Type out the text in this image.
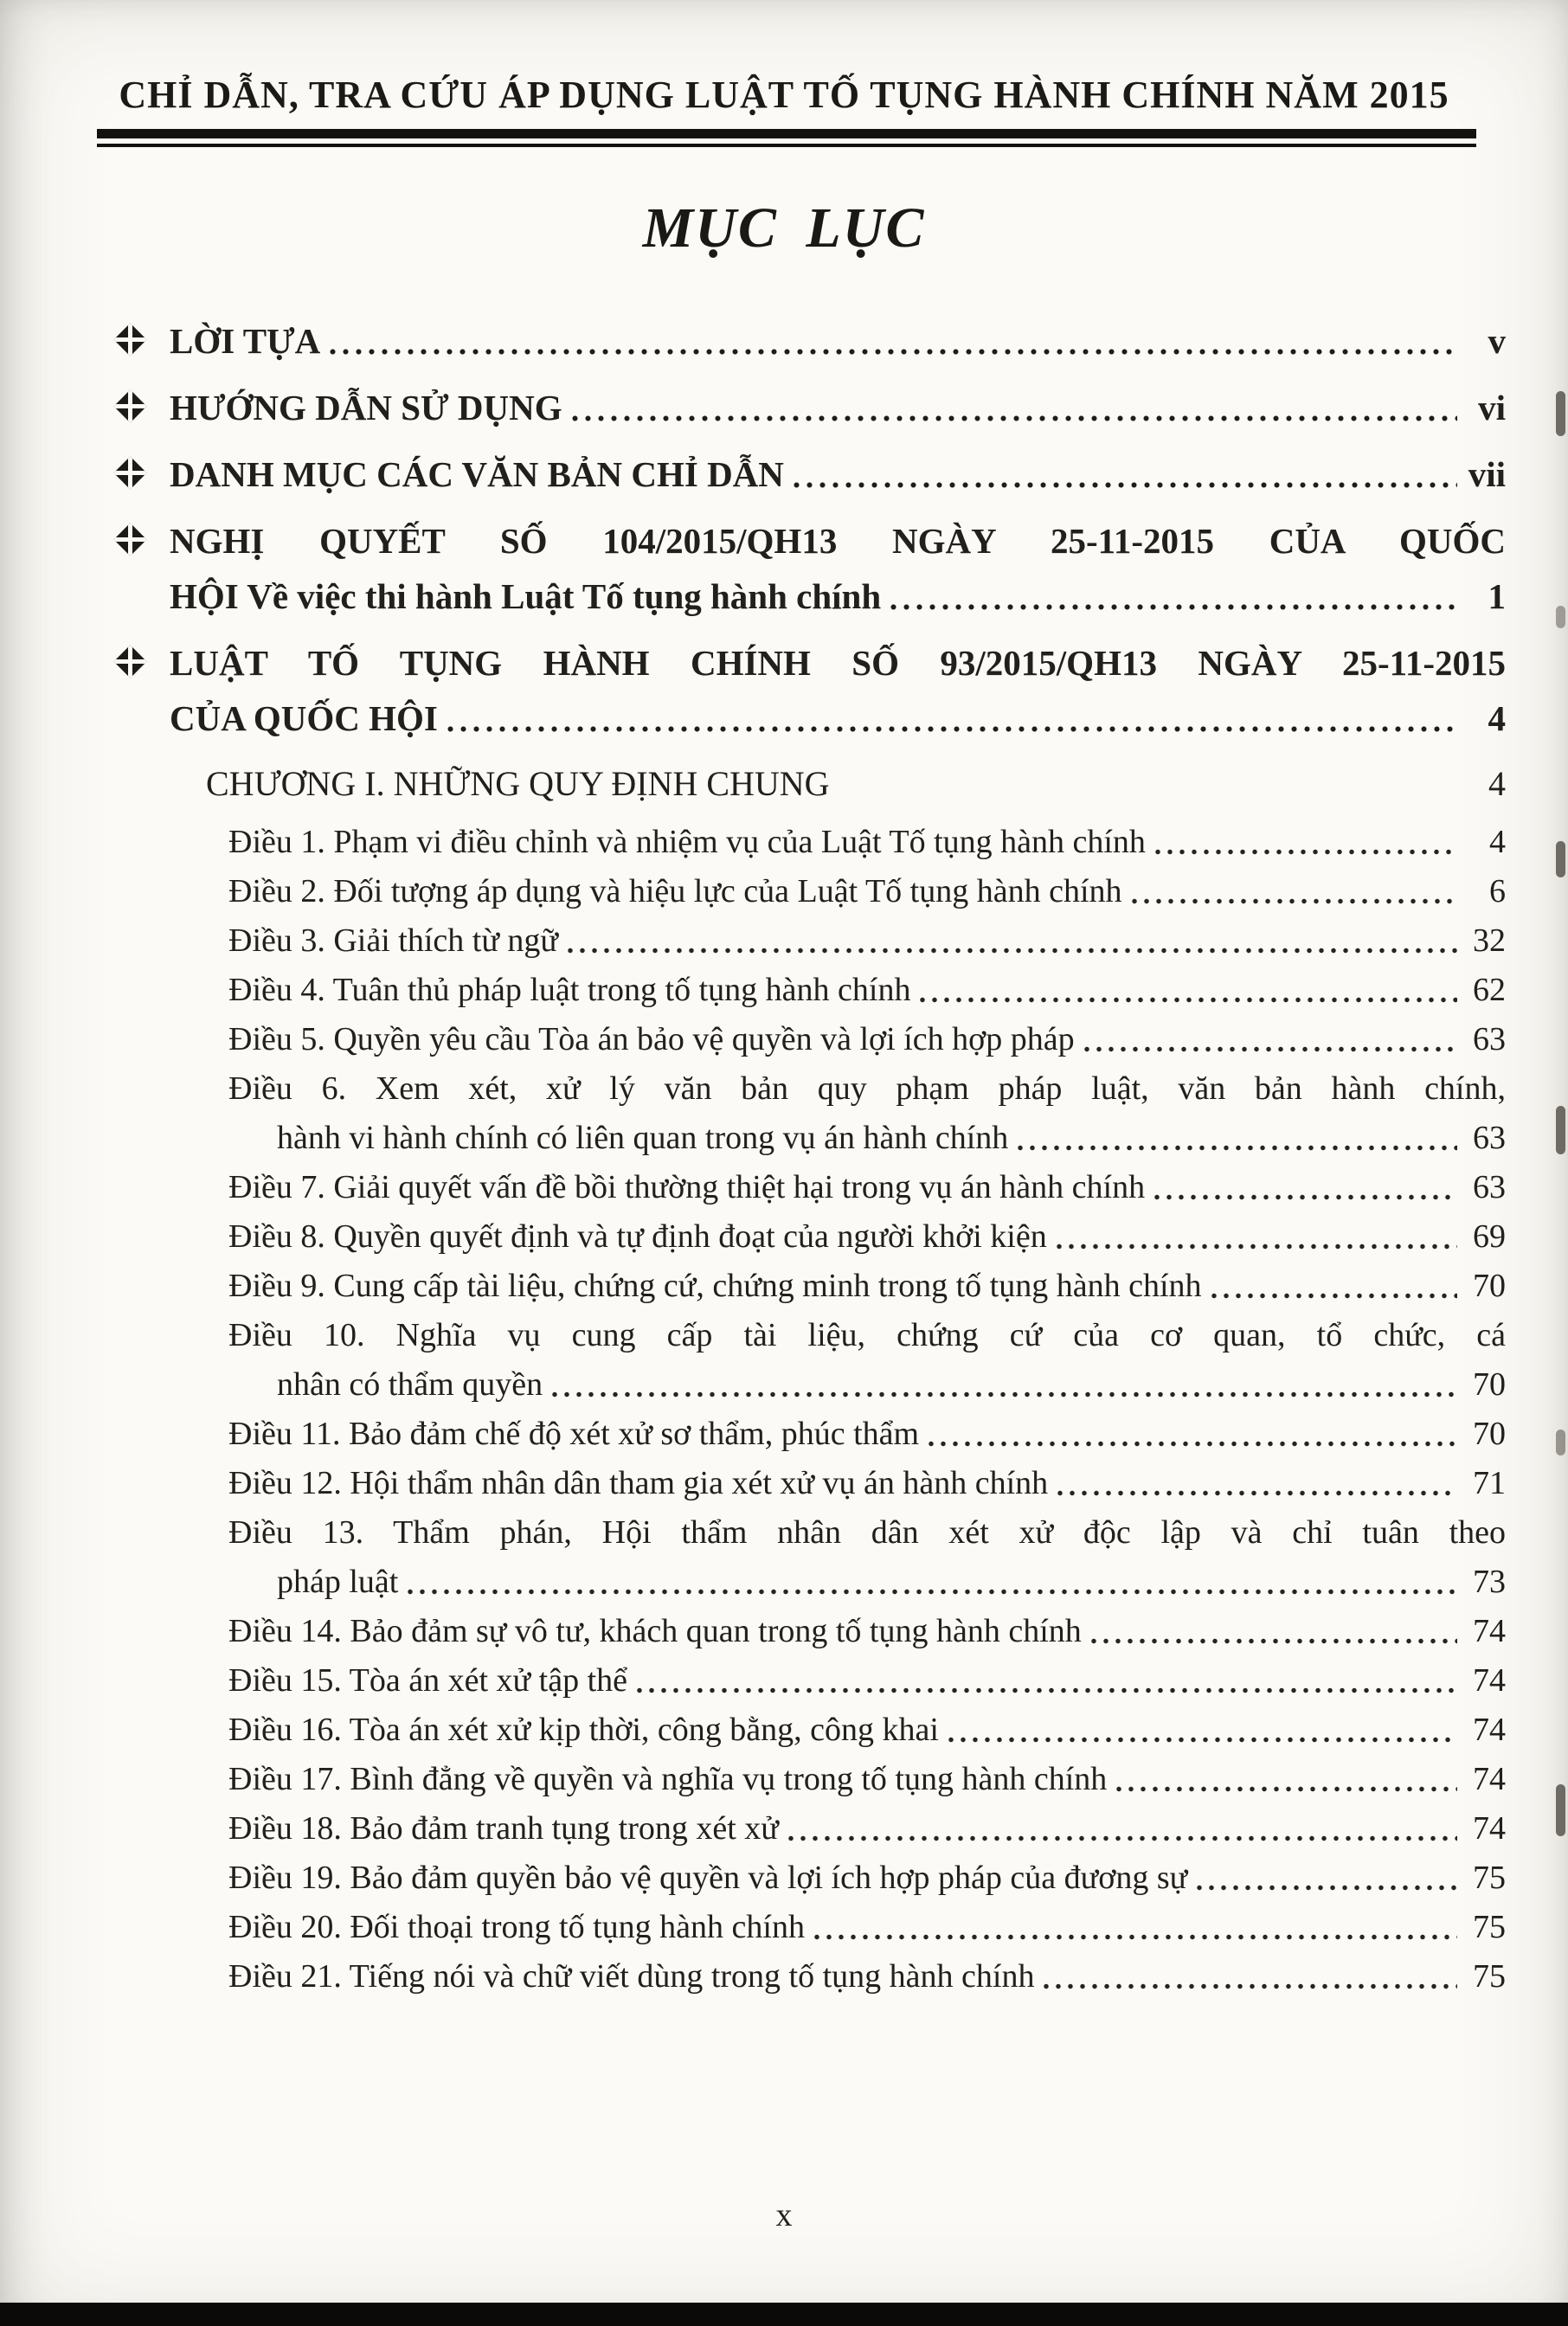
CHỈ DẪN, TRA CỨU ÁP DỤNG LUẬT TỐ TỤNG HÀNH CHÍNH NĂM 2015
MỤC LỤC
LỜI TỰA	v
HƯỚNG DẪN SỬ DỤNG	vi
DANH MỤC CÁC VĂN BẢN CHỈ DẪN	vii
NGHỊ QUYẾT SỐ 104/2015/QH13 NGÀY 25-11-2015 CỦA QUỐC
HỘI Về việc thi hành Luật Tố tụng hành chính	1
LUẬT TỐ TỤNG HÀNH CHÍNH SỐ 93/2015/QH13 NGÀY 25-11-2015
CỦA QUỐC HỘI	4
CHƯƠNG I. NHỮNG QUY ĐỊNH CHUNG	4
Điều 1. Phạm vi điều chỉnh và nhiệm vụ của Luật Tố tụng hành chính	4
Điều 2. Đối tượng áp dụng và hiệu lực của Luật Tố tụng hành chính	6
Điều 3. Giải thích từ ngữ	32
Điều 4. Tuân thủ pháp luật trong tố tụng hành chính	62
Điều 5. Quyền yêu cầu Tòa án bảo vệ quyền và lợi ích hợp pháp	63
Điều 6. Xem xét, xử lý văn bản quy phạm pháp luật, văn bản hành chính,
hành vi hành chính có liên quan trong vụ án hành chính	63
Điều 7. Giải quyết vấn đề bồi thường thiệt hại trong vụ án hành chính	63
Điều 8. Quyền quyết định và tự định đoạt của người khởi kiện	69
Điều 9. Cung cấp tài liệu, chứng cứ, chứng minh trong tố tụng hành chính	70
Điều 10. Nghĩa vụ cung cấp tài liệu, chứng cứ của cơ quan, tổ chức, cá
nhân có thẩm quyền	70
Điều 11. Bảo đảm chế độ xét xử sơ thẩm, phúc thẩm	70
Điều 12. Hội thẩm nhân dân tham gia xét xử vụ án hành chính	71
Điều 13. Thẩm phán, Hội thẩm nhân dân xét xử độc lập và chỉ tuân theo
pháp luật	73
Điều 14. Bảo đảm sự vô tư, khách quan trong tố tụng hành chính	74
Điều 15. Tòa án xét xử tập thể	74
Điều 16. Tòa án xét xử kịp thời, công bằng, công khai	74
Điều 17. Bình đẳng về quyền và nghĩa vụ trong tố tụng hành chính	74
Điều 18. Bảo đảm tranh tụng trong xét xử	74
Điều 19. Bảo đảm quyền bảo vệ quyền và lợi ích hợp pháp của đương sự	75
Điều 20. Đối thoại trong tố tụng hành chính	75
Điều 21. Tiếng nói và chữ viết dùng trong tố tụng hành chính	75
x
